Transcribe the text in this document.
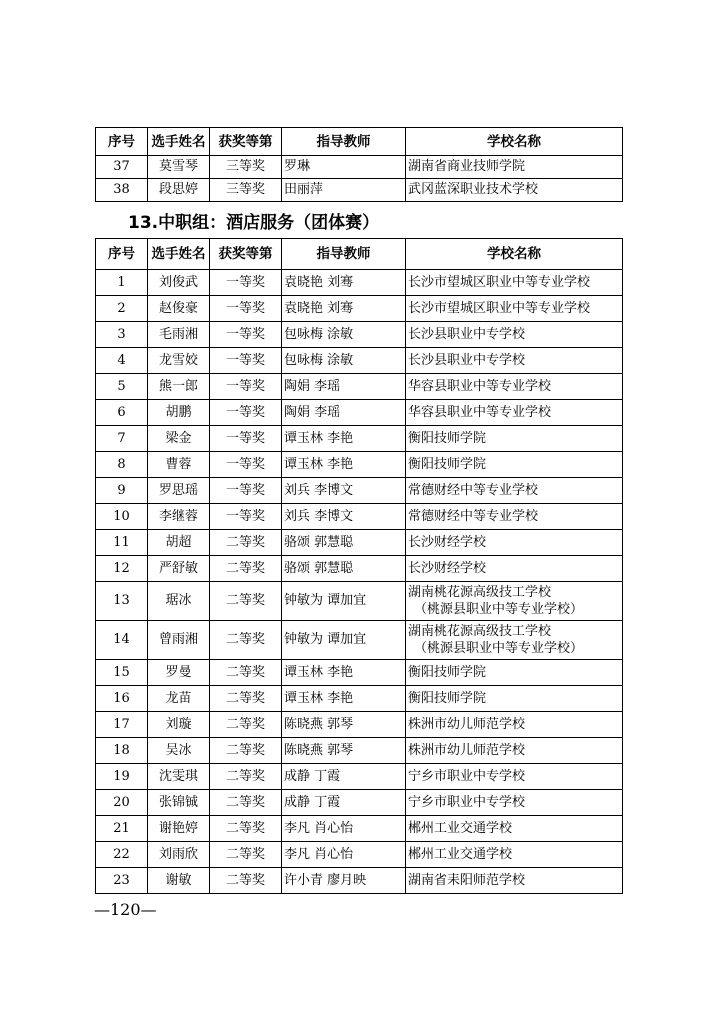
序号	选手姓名	获奖等第	指导教师	学校名称
37	莫雪琴	三等奖	罗琳	湖南省商业技师学院
38	段思婷	三等奖	田丽萍	武冈蓝深职业技术学校
13.中职组：酒店服务（团体赛）
序号	选手姓名	获奖等第	指导教师	学校名称
1	刘俊武	一等奖	袁晓艳 刘骞	长沙市望城区职业中等专业学校
2	赵俊豪	一等奖	袁晓艳 刘骞	长沙市望城区职业中等专业学校
3	毛雨湘	一等奖	包咏梅 涂敏	长沙县职业中专学校
4	龙雪姣	一等奖	包咏梅 涂敏	长沙县职业中专学校
5	熊一郎	一等奖	陶娟 李瑶	华容县职业中等专业学校
6	胡鹏	一等奖	陶娟 李瑶	华容县职业中等专业学校
7	梁金	一等奖	谭玉林 李艳	衡阳技师学院
8	曹蓉	一等奖	谭玉林 李艳	衡阳技师学院
9	罗思瑶	一等奖	刘兵 李博文	常德财经中等专业学校
10	李继蓉	一等奖	刘兵 李博文	常德财经中等专业学校
11	胡超	二等奖	骆颂 郭慧聪	长沙财经学校
12	严舒敏	二等奖	骆颂 郭慧聪	长沙财经学校
13	琚冰	二等奖	钟敏为 谭加宜	湖南桃花源高级技工学校
（桃源县职业中等专业学校）

14	曾雨湘	二等奖	钟敏为 谭加宜	湖南桃花源高级技工学校
（桃源县职业中等专业学校）

15	罗曼	二等奖	谭玉林 李艳	衡阳技师学院
16	龙苗	二等奖	谭玉林 李艳	衡阳技师学院
17	刘璇	二等奖	陈晓燕 郭琴	株洲市幼儿师范学校
18	吴冰	二等奖	陈晓燕 郭琴	株洲市幼儿师范学校
19	沈雯琪	二等奖	成静 丁霞	宁乡市职业中专学校
20	张锦铖	二等奖	成静 丁霞	宁乡市职业中专学校
21	谢艳婷	二等奖	李凡 肖心怡	郴州工业交通学校
22	刘雨欣	二等奖	李凡 肖心怡	郴州工业交通学校
23	谢敏	二等奖	许小青 廖月映	湖南省耒阳师范学校
—120—
